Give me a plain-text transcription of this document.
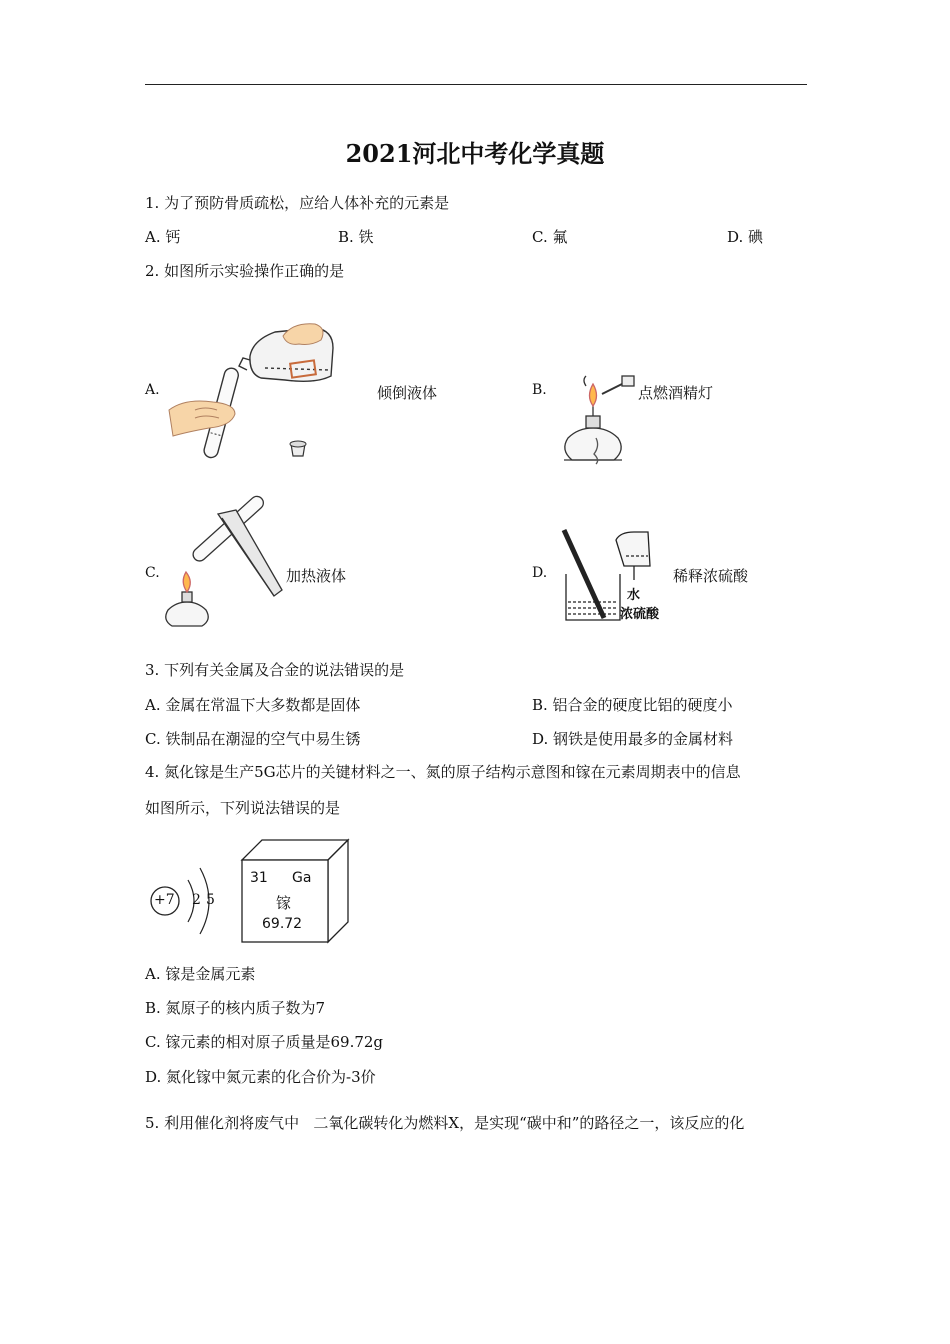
2021河北中考化学真题
1. 为了预防骨质疏松，应给人体补充的元素是
A. 钙	B. 铁	C. 氟	D. 碘
2. 如图所示实验操作正确的是
A.	倾倒液体	B.	点燃酒精灯
C.	加热液体	D.
水
浓硫酸
稀释浓硫酸
3. 下列有关金属及合金的说法错误的是
A. 金属在常温下大多数都是固体	B. 铝合金的硬度比铝的硬度小
C. 铁制品在潮湿的空气中易生锈	D. 钢铁是使用最多的金属材料
4. 氮化镓是生产5G芯片的关键材料之一、氮的原子结构示意图和镓在元素周期表中的信息
如图所示，下列说法错误的是
+7 2 5
31 Ga
镓
69.72
A. 镓是金属元素
B. 氮原子的核内质子数为7
C. 镓元素的相对原子质量是69.72g
D. 氮化镓中氮元素的化合价为-3价
5. 利用催化剂将废气中   二氧化碳转化为燃料X，是实现“碳中和”的路径之一，该反应的化
